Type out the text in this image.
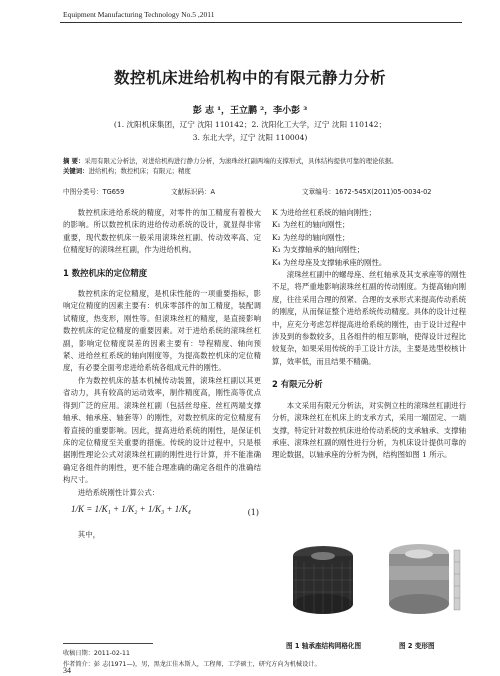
Equipment Manufacturing Technology No.5 ,2011
数控机床进给机构中的有限元静力分析
彭 志 ¹，王立鹏 ²，李小彭 ³
(1. 沈阳机床集团，辽宁 沈阳 110142；2. 沈阳化工大学，辽宁 沈阳 110142；
3. 东北大学，辽宁 沈阳 110004)
摘 要：采用有限元分析法，对进给机构进行静力分析，为滚珠丝杠副两端的支撑形式，具体结构提供可靠的理论依据。
关键词：进给机构；数控机床；有限元；精度
中图分类号：TG659	文献标识码：A	文章编号：1672-545X(2011)05-0034-02

数控机床进给系统的精度，对零件的加工精度有着极大的影响。所以数控机床的进给传动系统的设计，就显得非常重要，现代数控机床一般采用滚珠丝杠副、传动效率高、定位精度好的滚珠丝杠副，作为进给机构。

1 数控机床的定位精度

数控机床的定位精度，是机床性能的一项重要指标，影响定位精度的因素主要有：机床零部件的加工精度，装配调试精度，热变形，刚性等。但滚珠丝杠的精度，是直接影响数控机床的定位精度的重要因素。对于进给系统的滚珠丝杠副，影响定位精度误差的因素主要有：导程精度、轴向预紧、进给丝杠系统的轴向刚度等，为提高数控机床的定位精度，有必要全面考虑进给系统各组成元件的刚性。

作为数控机床的基本机械传动装置，滚珠丝杠副以其更省动力，具有较高的运动效率，制作精度高，刚性高等优点得到广泛的应用。滚珠丝杠副（包括丝母座、丝杠两端支撑轴承、轴承座、轴套等）的刚性，对数控机床的定位精度有着直接的重要影响。因此，提高进给系统的刚性，是保证机床的定位精度至关重要的措施。传统的设计过程中，只是根据刚性理论公式对滚珠丝杠副的刚性进行计算，并不能准确确定各组件的刚性，更不能合理准确的确定各组件的准确结构尺寸。

进给系统刚性计算公式：

1/K = 1/K₁ + 1/K₂ + 1/K₃ + 1/K₄	(1)

其中，

K 为进给丝杠系统的轴向刚性；
K₁ 为丝杠的轴向刚性；
K₂ 为丝母的轴向刚性；
K₃ 为支撑轴承的轴向刚性；
K₄ 为丝母座及支撑轴承座的刚性。

滚珠丝杠副中的螺母座、丝杠轴承及其支承座等的刚性不足，将严重地影响滚珠丝杠副的传动刚度。为提高轴向刚度，往往采用合理的预紧、合理的支承形式来提高传动系统的刚度，从而保证整个进给系统传动精度。具体的设计过程中，应充分考虑怎样提高进给系统的刚性，由于设计过程中涉及到的参数较多，且各组件的相互影响，使得设计过程比较复杂，如果采用传统的手工设计方法，主要是选型校核计算，效率低，而且结果不精确。

2 有限元分析

本文采用有限元分析法，对实例立柱的滚珠丝杠副进行分析，滚珠丝杠在机床上的支承方式，采用一端固定、一端支撑，特定针对数控机床进给传动系统的支承轴承、支撑轴承座、滚珠丝杠副的刚性进行分析，为机床设计提供可靠的理论数据，以轴承座的分析为例，结构图如图 1 所示。

图 1 轴承座结构网格化图	图 2 变形图
收稿日期：2011-02-11
作者简介：彭 志(1971—)，男，黑龙江佳木斯人，工程师，工学硕士，研究方向为机械设计。
34
